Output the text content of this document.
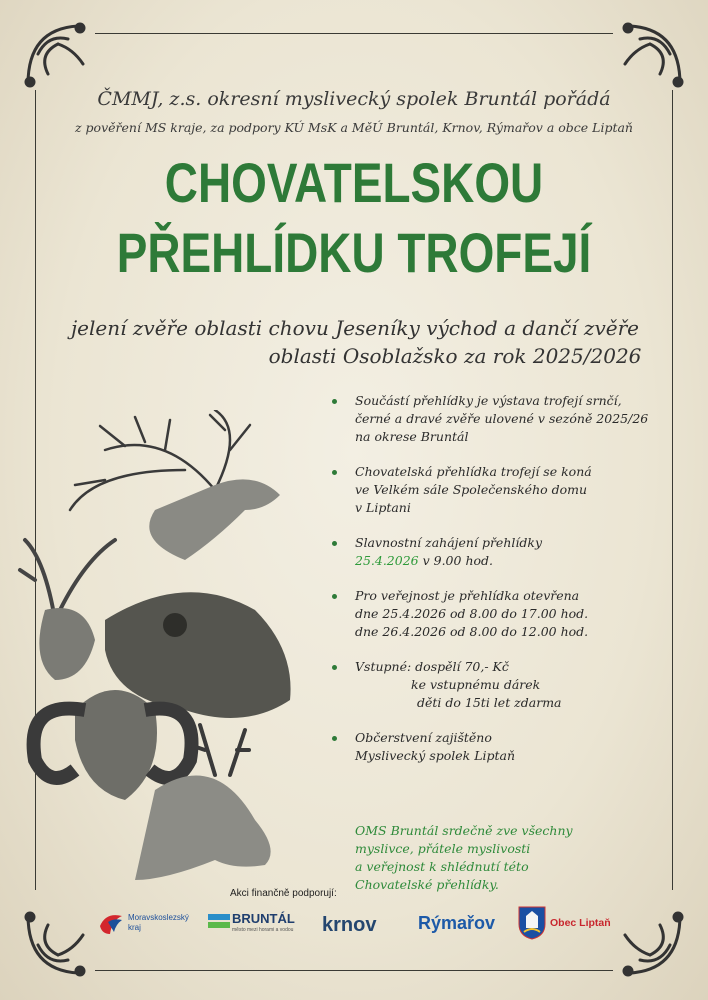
ČMMJ, z.s. okresní myslivecký spolek Bruntál pořádá
z pověření MS kraje, za podpory KÚ MsK a MěÚ Bruntál, Krnov, Rýmařov a obce Liptaň
CHOVATELSKOU
PŘEHLÍDKU TROFEJÍ
jelení zvěře oblasti chovu Jeseníky východ a dančí zvěře
oblasti Osoblažsko za rok 2025/2026
Součástí přehlídky je výstava trofejí srnčí,
černé a dravé zvěře ulovené v sezóně 2025/26
na okrese Bruntál
Chovatelská přehlídka trofejí se koná
ve Velkém sále Společenského domu
v Liptani
Slavnostní zahájení přehlídky
25.4.2026 v 9.00 hod.
Pro veřejnost je přehlídka otevřena
dne 25.4.2026 od 8.00 do 17.00 hod.
dne 26.4.2026 od 8.00 do 12.00 hod.
Vstupné: dospělí 70,- Kč
ke vstupnému dárek
děti do 15ti let zdarma
Občerstvení zajištěno
Myslivecký spolek Liptaň
OMS Bruntál srdečně zve všechny
myslivce, přátele myslivosti
a veřejnost k shlédnutí této
Chovatelské přehlídky.
Akci finančně podporují:
Moravskoslezský
kraj
BRUNTÁL
město mezi horami a vodou krnov Rýmařov	Obec Liptaň
